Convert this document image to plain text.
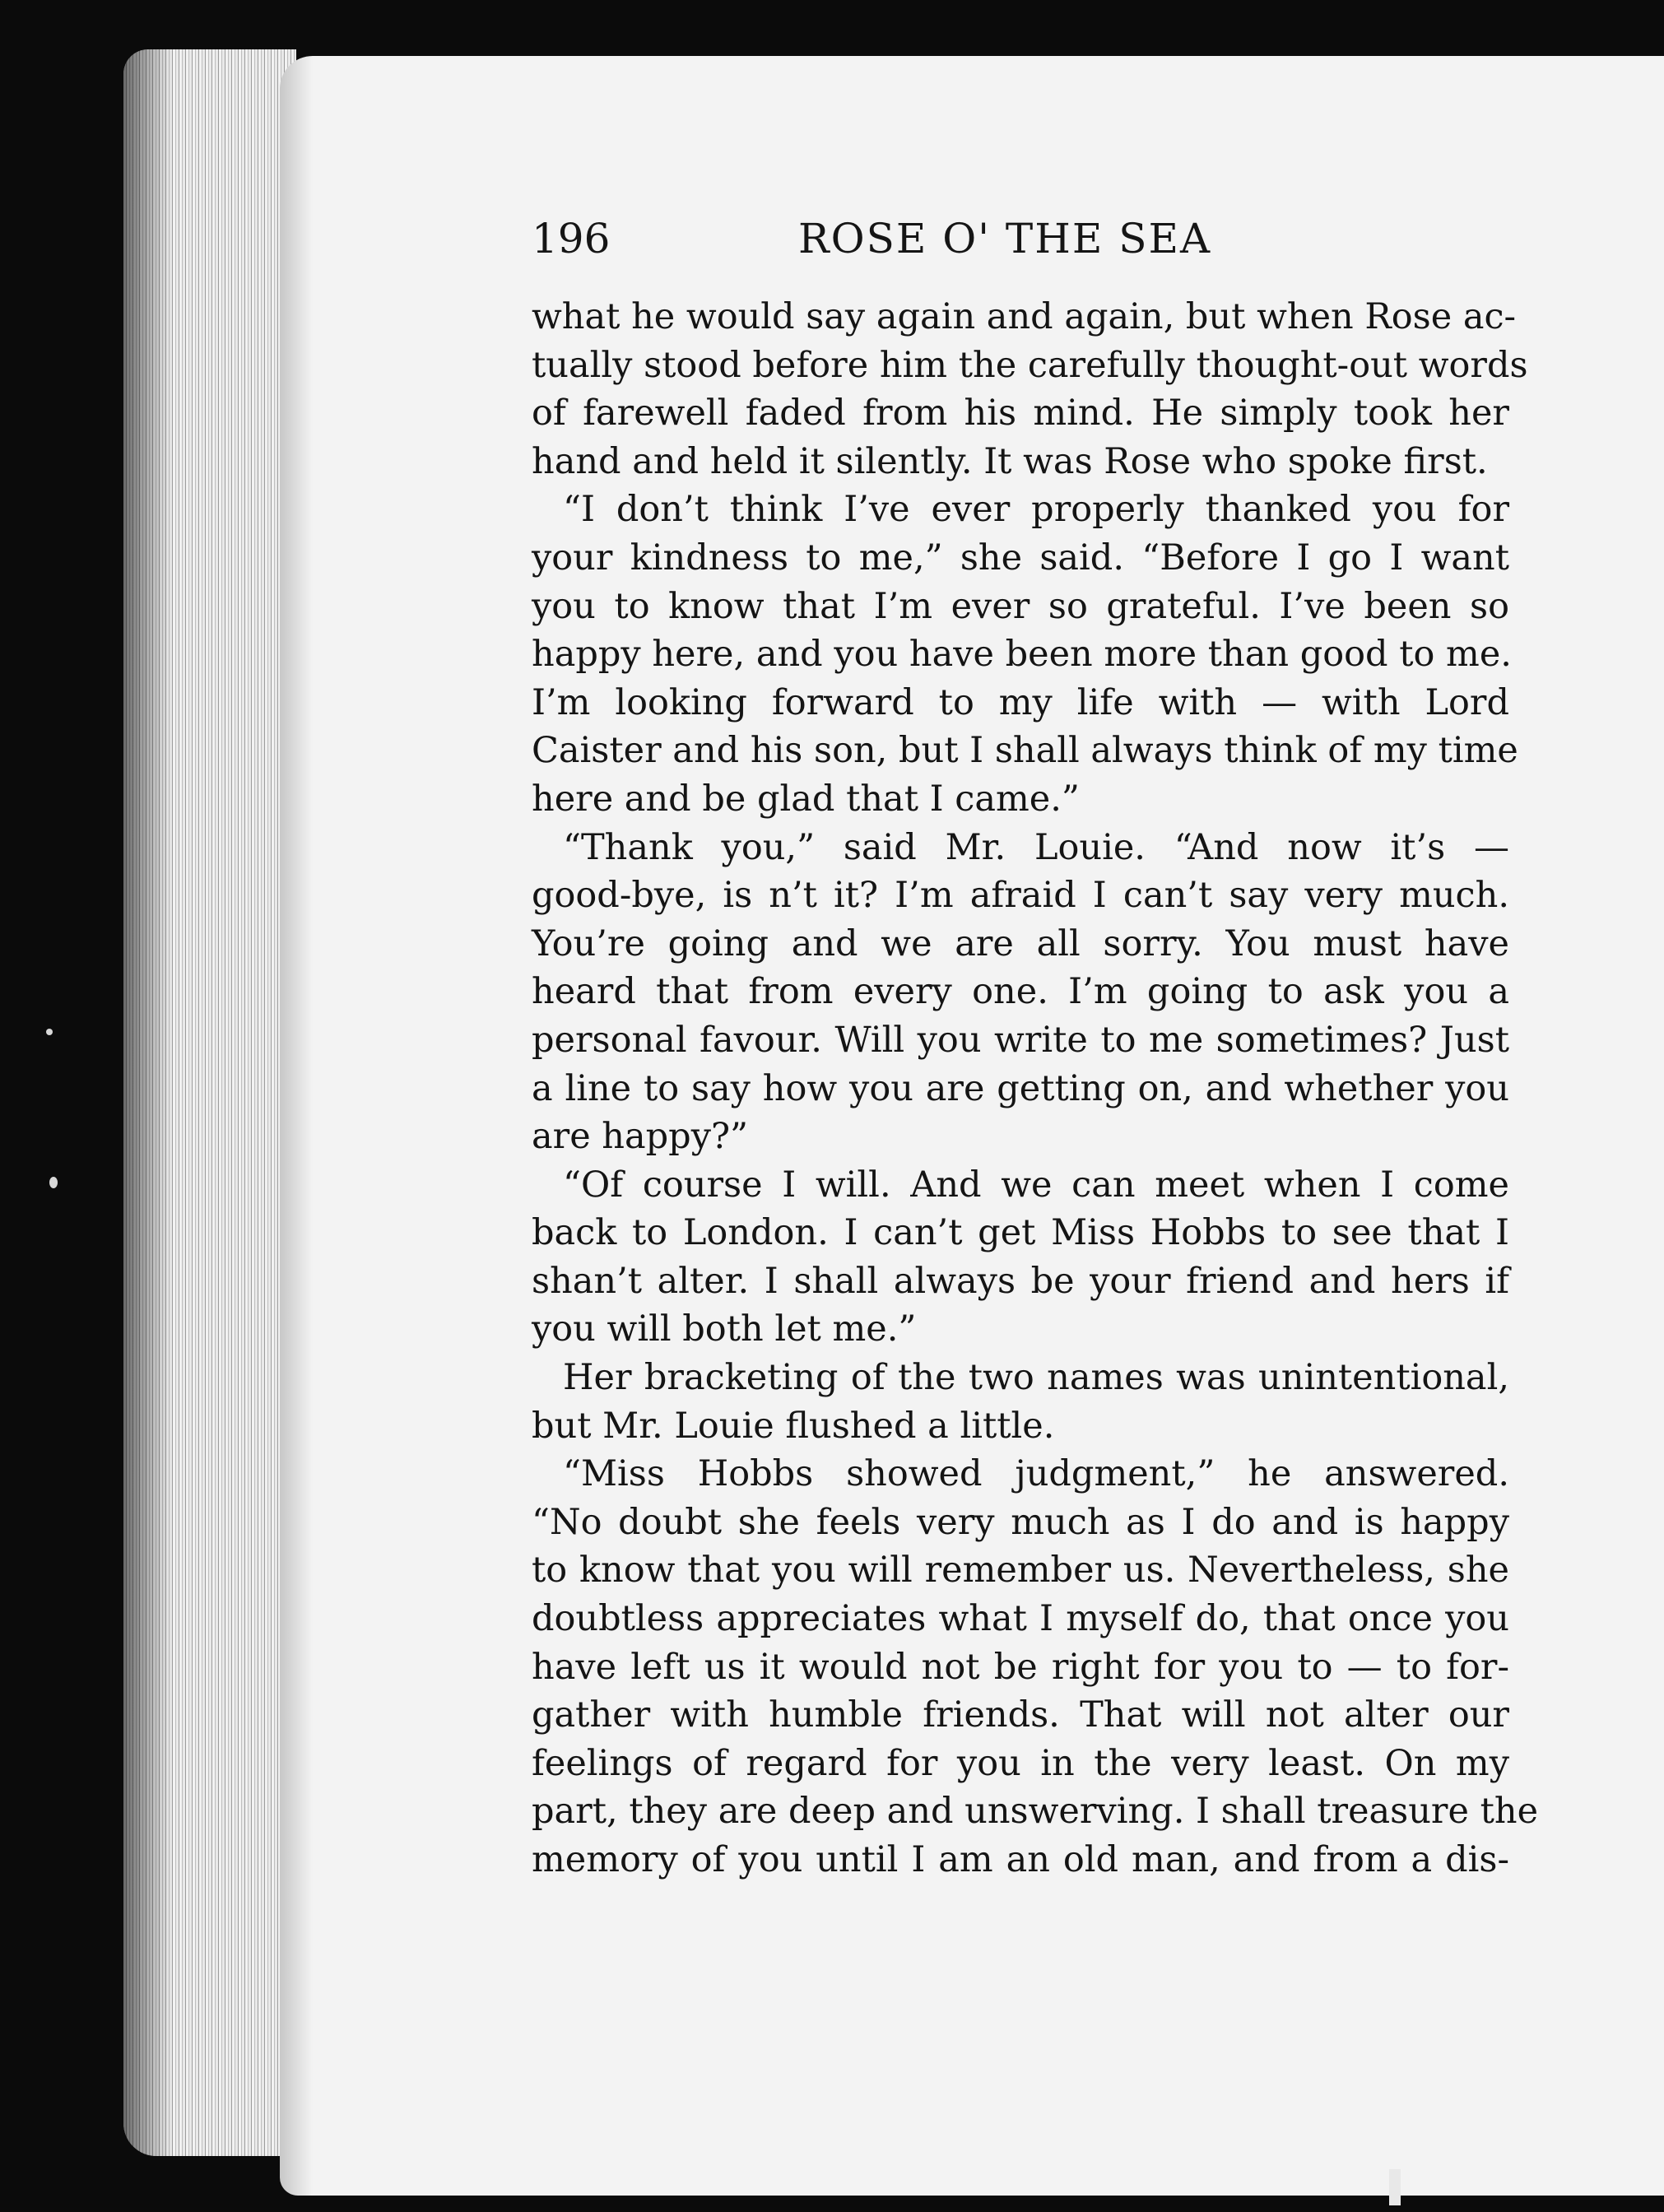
196	ROSE O' THE SEA
what he would say again and again, but when Rose ac-
tually stood before him the carefully thought-out words
of farewell faded from his mind. He simply took her
hand and held it silently. It was Rose who spoke first.
“I don’t think I’ve ever properly thanked you for
your kindness to me,” she said. “Before I go I want
you to know that I’m ever so grateful. I’ve been so
happy here, and you have been more than good to me.
I’m looking forward to my life with — with Lord
Caister and his son, but I shall always think of my time
here and be glad that I came.”
“Thank you,” said Mr. Louie. “And now it’s —
good-bye, is n’t it? I’m afraid I can’t say very much.
You’re going and we are all sorry. You must have
heard that from every one. I’m going to ask you a
personal favour. Will you write to me sometimes? Just
a line to say how you are getting on, and whether you
are happy?”
“Of course I will. And we can meet when I come
back to London. I can’t get Miss Hobbs to see that I
shan’t alter. I shall always be your friend and hers if
you will both let me.”
Her bracketing of the two names was unintentional,
but Mr. Louie flushed a little.
“Miss Hobbs showed judgment,” he answered.
“No doubt she feels very much as I do and is happy
to know that you will remember us. Nevertheless, she
doubtless appreciates what I myself do, that once you
have left us it would not be right for you to — to for-
gather with humble friends. That will not alter our
feelings of regard for you in the very least. On my
part, they are deep and unswerving. I shall treasure the
memory of you until I am an old man, and from a dis-
